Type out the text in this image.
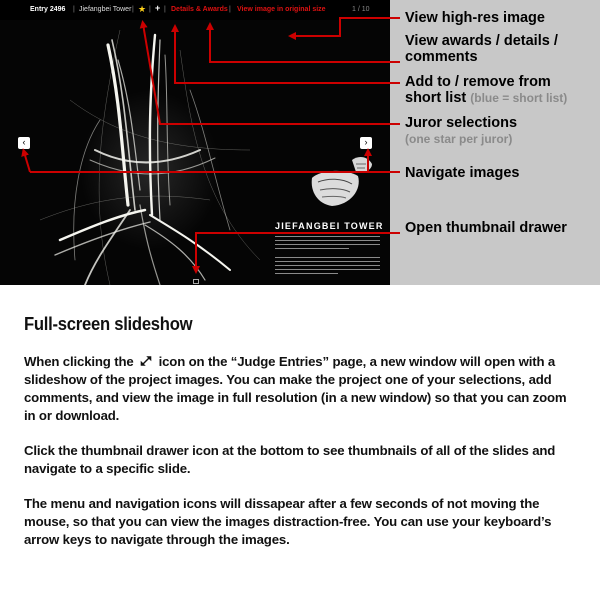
Entry 2496 | Jiefangbei Tower | ★ | + | Details & Awards | View image in original size	1 / 10
‹	›
JIEFANGBEI TOWER
View high-res image
View awards / details /
comments
Add to / remove from
short list (blue = short list)
Juror selections
(one star per juror)
Navigate images
Open thumbnail drawer
Full-screen slideshow

When clicking the icon on the “Judge Entries” page, a new window will open with a slideshow of the project images. You can make the project one of your selections, add comments, and view the image in full resolution (in a new window) so that you can zoom in or download.

Click the thumbnail drawer icon at the bottom to see thumbnails of all of the slides and navigate to a specific slide.

The menu and navigation icons will dissapear after a few seconds of not moving the mouse, so that you can view the images distraction-free. You can use your keyboard’s arrow keys to navigate through the images.
